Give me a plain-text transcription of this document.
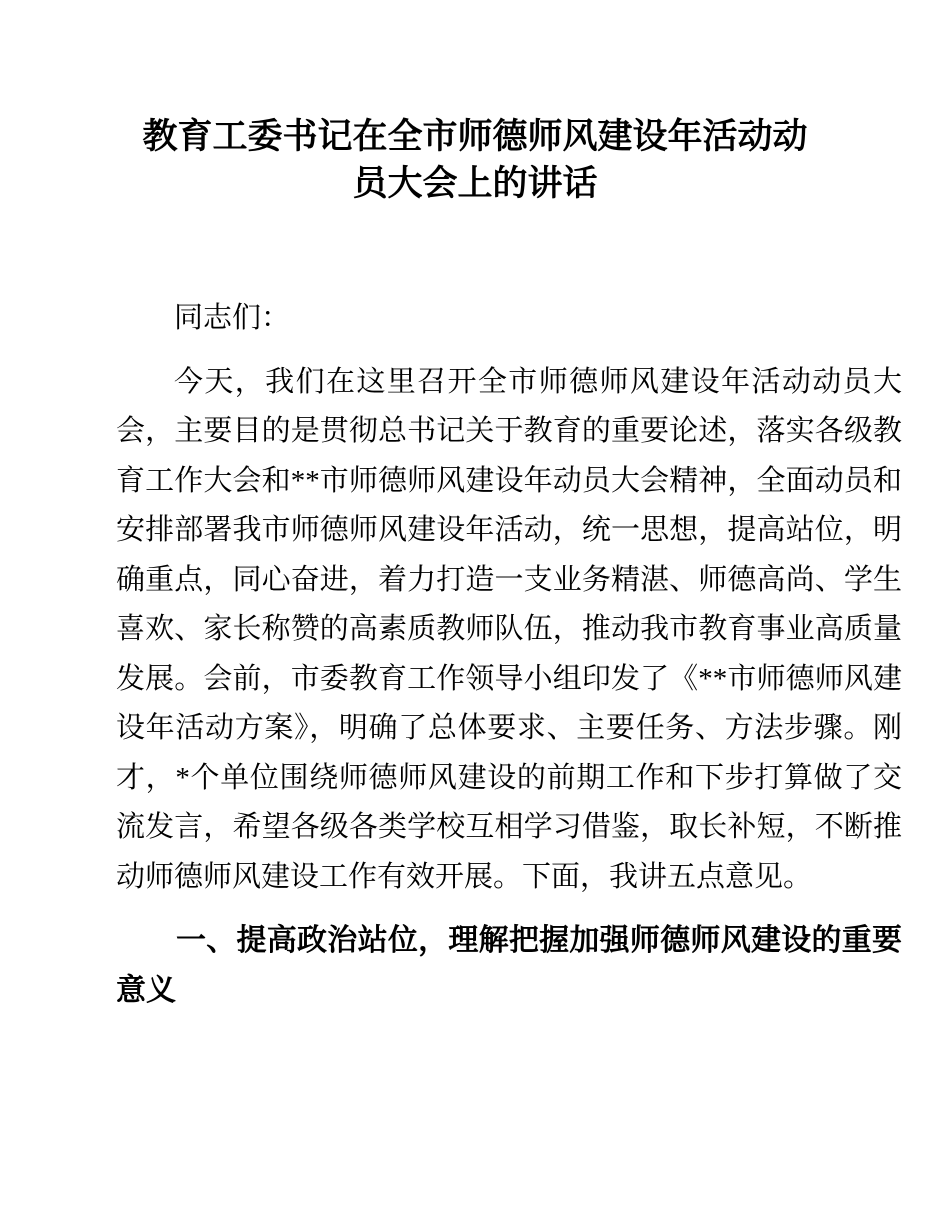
教育工委书记在全市师德师风建设年活动动员大会上的讲话

同志们：

今天，我们在这里召开全市师德师风建设年活动动员大会，主要目的是贯彻总书记关于教育的重要论述，落实各级教育工作大会和**市师德师风建设年动员大会精神，全面动员和安排部署我市师德师风建设年活动，统一思想，提高站位，明确重点，同心奋进，着力打造一支业务精湛、师德高尚、学生喜欢、家长称赞的高素质教师队伍，推动我市教育事业高质量发展。会前，市委教育工作领导小组印发了《**市师德师风建设年活动方案》，明确了总体要求、主要任务、方法步骤。刚才，*个单位围绕师德师风建设的前期工作和下步打算做了交流发言，希望各级各类学校互相学习借鉴，取长补短，不断推动师德师风建设工作有效开展。下面，我讲五点意见。

一、提高政治站位，理解把握加强师德师风建设的重要意义
